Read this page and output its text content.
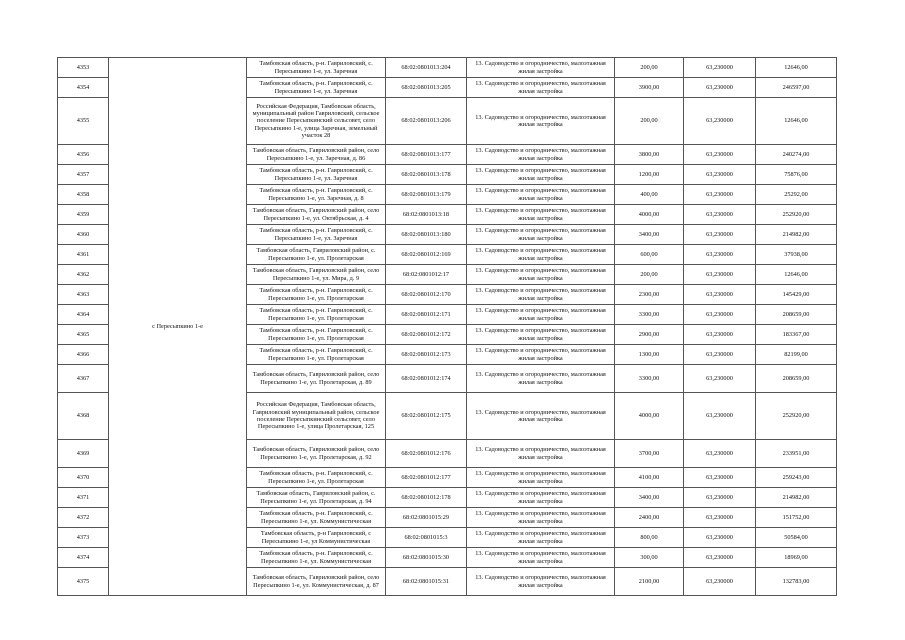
4353	с Пересыпкино 1-е	Тамбовская область, р-н. Гавриловский, с. Пересыпкино 1-е, ул. Заречная	68:02:0801013:204	13. Садоводство и огородничество, малоэтажная жилая застройка	200,00	63,230000	12646,00
4354		Тамбовская область, р-н. Гавриловский, с. Пересыпкино 1-е, ул. Заречная	68:02:0801013:205	13. Садоводство и огородничество, малоэтажная жилая застройка	3900,00	63,230000	246597,00
4355		Российская Федерация, Тамбовская область, муниципальный район Гавриловский, сельское поселение Пересыпкинский сельсовет, село Пересыпкино 1-е, улица Заречная, земельный участок 28	68:02:0801013:206	13. Садоводство и огородничество, малоэтажная жилая застройка	200,00	63,230000	12646,00
4356		Тамбовская область, Гавриловский район, село Пересыпкино 1-е, ул. Заречная, д. 86	68:02:0801013:177	13. Садоводство и огородничество, малоэтажная жилая застройка	3800,00	63,230000	240274,00
4357		Тамбовская область, р-н. Гавриловский, с. Пересыпкино 1-е, ул. Заречная	68:02:0801013:178	13. Садоводство и огородничество, малоэтажная жилая застройка	1200,00	63,230000	75876,00
4358		Тамбовская область, р-н. Гавриловский, с. Пересыпкино 1-е, ул. Заречная, д. 8	68:02:0801013:179	13. Садоводство и огородничество, малоэтажная жилая застройка	400,00	63,230000	25292,00
4359		Тамбовская область, Гавриловский район, село Пересыпкино 1-е, ул. Октябрьская, д. 4	68:02:0801013:18	13. Садоводство и огородничество, малоэтажная жилая застройка	4000,00	63,230000	252920,00
4360		Тамбовская область, р-н. Гавриловский, с. Пересыпкино 1-е, ул. Заречная	68:02:0801013:180	13. Садоводство и огородничество, малоэтажная жилая застройка	3400,00	63,230000	214982,00
4361		Тамбовская область, Гавриловский район, с. Пересыпкино 1-е, ул. Пролетарская	68:02:0801012:169	13. Садоводство и огородничество, малоэтажная жилая застройка	600,00	63,230000	37938,00
4362		Тамбовская область, Гавриловский район, село Пересыпкино 1-е, ул. Мира, д. 9	68:02:0801012:17	13. Садоводство и огородничество, малоэтажная жилая застройка	200,00	63,230000	12646,00
4363		Тамбовская область, р-н. Гавриловский, с. Пересыпкино 1-е, ул. Пролетарская	68:02:0801012:170	13. Садоводство и огородничество, малоэтажная жилая застройка	2300,00	63,230000	145429,00
4364		Тамбовская область, р-н. Гавриловский, с. Пересыпкино 1-е, ул. Пролетарская	68:02:0801012:171	13. Садоводство и огородничество, малоэтажная жилая застройка	3300,00	63,230000	208659,00
4365		Тамбовская область, р-н. Гавриловский, с. Пересыпкино 1-е, ул. Пролетарская	68:02:0801012:172	13. Садоводство и огородничество, малоэтажная жилая застройка	2900,00	63,230000	183367,00
4366		Тамбовская область, р-н. Гавриловский, с. Пересыпкино 1-е, ул. Пролетарская	68:02:0801012:173	13. Садоводство и огородничество, малоэтажная жилая застройка	1300,00	63,230000	82199,00
4367		Тамбовская область, Гавриловский район, село Пересыпкино 1-е, ул. Пролетарская, д. 89	68:02:0801012:174	13. Садоводство и огородничество, малоэтажная жилая застройка	3300,00	63,230000	208659,00
4368		Российская Федерация, Тамбовская область, Гавриловский муниципальный район, сельское поселение Пересыпкинский сельсовет, село Пересыпкино 1-е, улица Пролетарская, 125	68:02:0801012:175	13. Садоводство и огородничество, малоэтажная жилая застройка	4000,00	63,230000	252920,00
4369		Тамбовская область, Гавриловский район, село Пересыпкино 1-е, ул. Пролетарская, д. 92	68:02:0801012:176	13. Садоводство и огородничество, малоэтажная жилая застройка	3700,00	63,230000	233951,00
4370		Тамбовская область, р-н. Гавриловский, с. Пересыпкино 1-е, ул. Пролетарская	68:02:0801012:177	13. Садоводство и огородничество, малоэтажная жилая застройка	4100,00	63,230000	259243,00
4371		Тамбовская область, Гавриловский район, с. Пересыпкино 1-е, ул. Пролетарская, д. 94	68:02:0801012:178	13. Садоводство и огородничество, малоэтажная жилая застройка	3400,00	63,230000	214982,00
4372		Тамбовская область, р-н. Гавриловский, с. Пересыпкино 1-е, ул. Коммунистическая	68:02:0801015:29	13. Садоводство и огородничество, малоэтажная жилая застройка	2400,00	63,230000	151752,00
4373		Тамбовская область, р-н Гавриловский, с Пересыпкино 1-е, ул Коммунистическая	68:02:0801015:3	13. Садоводство и огородничество, малоэтажная жилая застройка	800,00	63,230000	50584,00
4374		Тамбовская область, р-н. Гавриловский, с. Пересыпкино 1-е, ул. Коммунистическая	68:02:0801015:30	13. Садоводство и огородничество, малоэтажная жилая застройка	300,00	63,230000	18969,00
4375		Тамбовская область, Гавриловский район, село Пересыпкино 1-е, ул. Коммунистическая, д. 87	68:02:0801015:31	13. Садоводство и огородничество, малоэтажная жилая застройка	2100,00	63,230000	132783,00
